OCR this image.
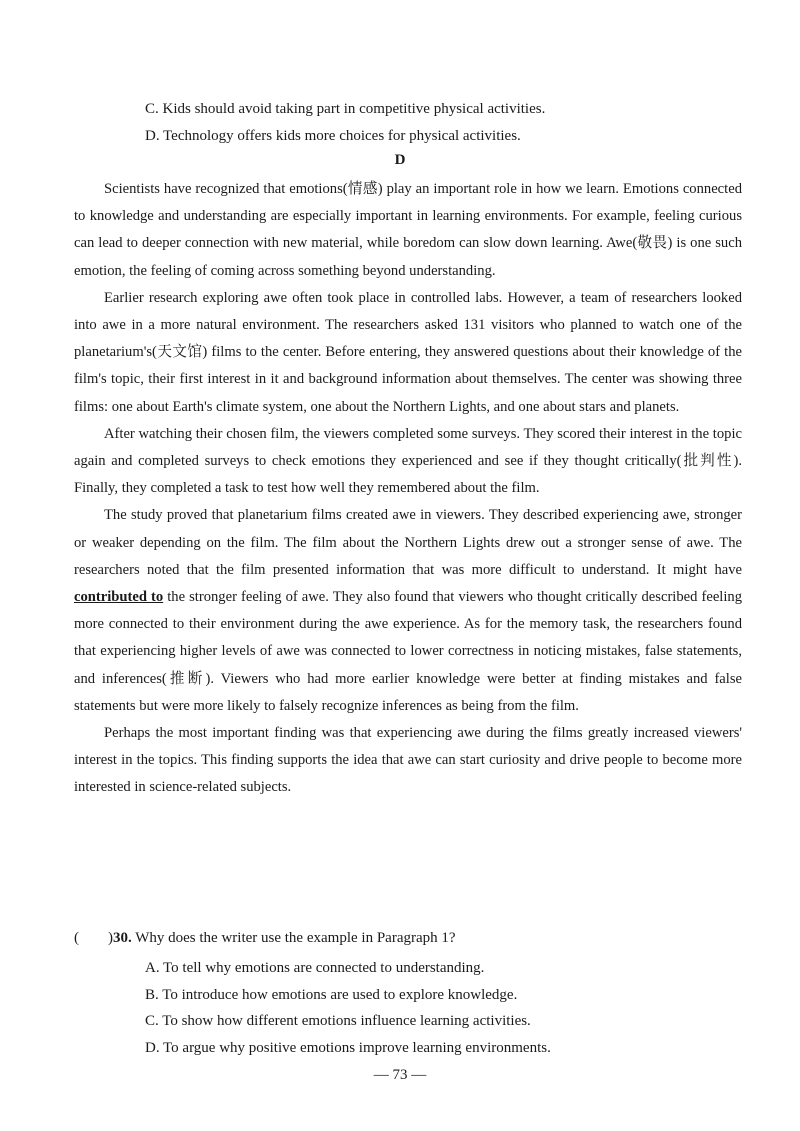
C. Kids should avoid taking part in competitive physical activities.
D. Technology offers kids more choices for physical activities.
D

Scientists have recognized that emotions(情感) play an important role in how we learn. Emotions connected to knowledge and understanding are especially important in learning environments. For example, feeling curious can lead to deeper connection with new material, while boredom can slow down learning. Awe(敬畏) is one such emotion, the feeling of coming across something beyond understanding.

Earlier research exploring awe often took place in controlled labs. However, a team of researchers looked into awe in a more natural environment. The researchers asked 131 visitors who planned to watch one of the planetarium's(天文馆) films to the center. Before entering, they answered questions about their knowledge of the film's topic, their first interest in it and background information about themselves. The center was showing three films: one about Earth's climate system, one about the Northern Lights, and one about stars and planets.

After watching their chosen film, the viewers completed some surveys. They scored their interest in the topic again and completed surveys to check emotions they experienced and see if they thought critically(批判性). Finally, they completed a task to test how well they remembered about the film.

The study proved that planetarium films created awe in viewers. They described experiencing awe, stronger or weaker depending on the film. The film about the Northern Lights drew out a stronger sense of awe. The researchers noted that the film presented information that was more difficult to understand. It might have contributed to the stronger feeling of awe. They also found that viewers who thought critically described feeling more connected to their environment during the awe experience. As for the memory task, the researchers found that experiencing higher levels of awe was connected to lower correctness in noticing mistakes, false statements, and inferences(推断). Viewers who had more earlier knowledge were better at finding mistakes and false statements but were more likely to falsely recognize inferences as being from the film.

Perhaps the most important finding was that experiencing awe during the films greatly increased viewers' interest in the topics. This finding supports the idea that awe can start curiosity and drive people to become more interested in science-related subjects.

( )30. Why does the writer use the example in Paragraph 1?
A. To tell why emotions are connected to understanding.
B. To introduce how emotions are used to explore knowledge.
C. To show how different emotions influence learning activities.
D. To argue why positive emotions improve learning environments.
— 73 —
